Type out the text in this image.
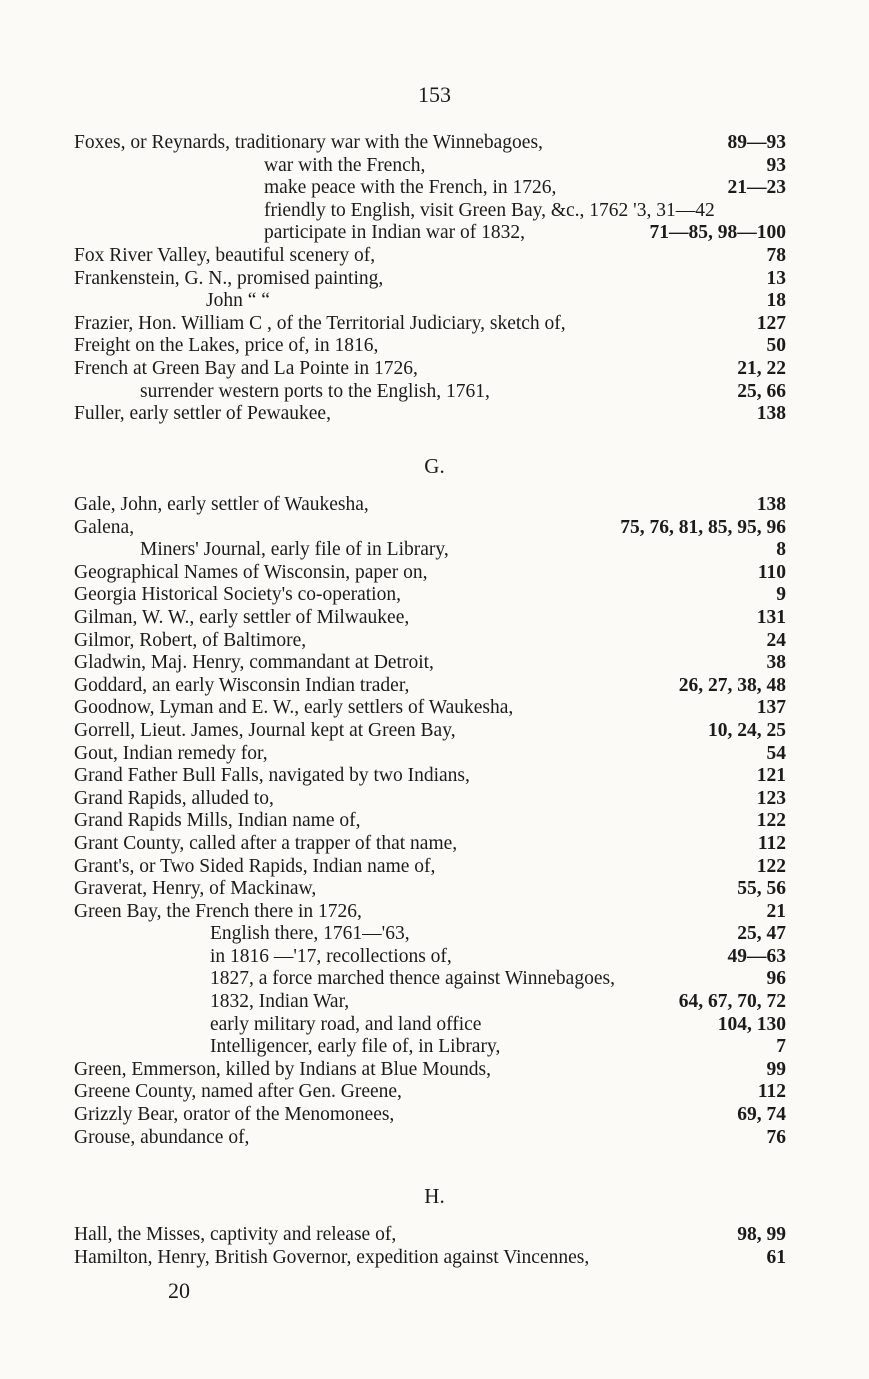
153
Foxes, or Reynards, traditionary war with the Winnebagoes,	89—93
war with the French,	93
make peace with the French, in 1726,	21—23
friendly to English, visit Green Bay, &c., 1762 '3, 31—42
participate in Indian war of 1832,	71—85, 98—100
Fox River Valley, beautiful scenery of,	78
Frankenstein, G. N., promised painting,	13
John “ “	18
Frazier, Hon. William C , of the Territorial Judiciary, sketch of,	127
Freight on the Lakes, price of, in 1816,	50
French at Green Bay and La Pointe in 1726,	21, 22
surrender western ports to the English, 1761,	25, 66
Fuller, early settler of Pewaukee,	138
G.
Gale, John, early settler of Waukesha,	138
Galena,	75, 76, 81, 85, 95, 96
Miners' Journal, early file of in Library,	8
Geographical Names of Wisconsin, paper on,	110
Georgia Historical Society's co-operation,	9
Gilman, W. W., early settler of Milwaukee,	131
Gilmor, Robert, of Baltimore,	24
Gladwin, Maj. Henry, commandant at Detroit,	38
Goddard, an early Wisconsin Indian trader,	26, 27, 38, 48
Goodnow, Lyman and E. W., early settlers of Waukesha,	137
Gorrell, Lieut. James, Journal kept at Green Bay,	10, 24, 25
Gout, Indian remedy for,	54
Grand Father Bull Falls, navigated by two Indians,	121
Grand Rapids, alluded to,	123
Grand Rapids Mills, Indian name of,	122
Grant County, called after a trapper of that name,	112
Grant's, or Two Sided Rapids, Indian name of,	122
Graverat, Henry, of Mackinaw,	55, 56
Green Bay, the French there in 1726,	21
English there, 1761—'63,	25, 47
in 1816 —'17, recollections of,	49—63
1827, a force marched thence against Winnebagoes,	96
1832, Indian War,	64, 67, 70, 72
early military road, and land office	104, 130
Intelligencer, early file of, in Library,	7
Green, Emmerson, killed by Indians at Blue Mounds,	99
Greene County, named after Gen. Greene,	112
Grizzly Bear, orator of the Menomonees,	69, 74
Grouse, abundance of,	76
H.
Hall, the Misses, captivity and release of,	98, 99
Hamilton, Henry, British Governor, expedition against Vincennes,	61
20
